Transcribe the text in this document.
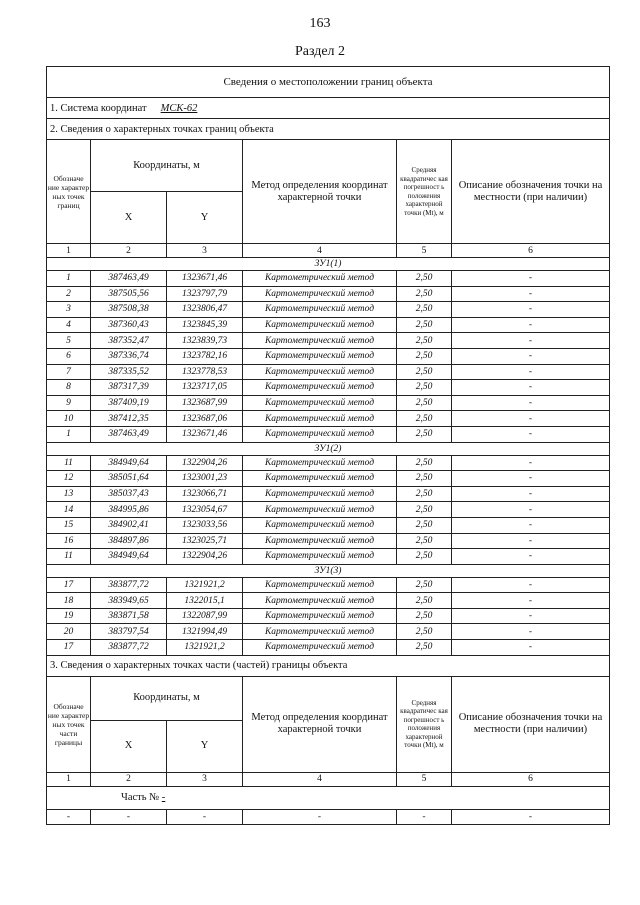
163
Раздел 2
Сведения о местоположении границ объекта					
1. Система координат МСК-62					
2. Сведения о характерных точках границ объекта					
Обозначе ние характер ных точек границ	Координаты, м		Метод определения координат характерной точки	Средняя квадратичес кая погрешност ь положения характерной точки (Mt), м	Описание обозначения точки на местности (при наличии)
	X	Y			
1	2	3	4	5	6
ЗУ1(1)					
1	387463,49	1323671,46	Картометрический метод	2,50	-
2	387505,56	1323797,79	Картометрический метод	2,50	-
3	387508,38	1323806,47	Картометрический метод	2,50	-
4	387360,43	1323845,39	Картометрический метод	2,50	-
5	387352,47	1323839,73	Картометрический метод	2,50	-
6	387336,74	1323782,16	Картометрический метод	2,50	-
7	387335,52	1323778,53	Картометрический метод	2,50	-
8	387317,39	1323717,05	Картометрический метод	2,50	-
9	387409,19	1323687,99	Картометрический метод	2,50	-
10	387412,35	1323687,06	Картометрический метод	2,50	-
1	387463,49	1323671,46	Картометрический метод	2,50	-
ЗУ1(2)					
11	384949,64	1322904,26	Картометрический метод	2,50	-
12	385051,64	1323001,23	Картометрический метод	2,50	-
13	385037,43	1323066,71	Картометрический метод	2,50	-
14	384995,86	1323054,67	Картометрический метод	2,50	-
15	384902,41	1323033,56	Картометрический метод	2,50	-
16	384897,86	1323025,71	Картометрический метод	2,50	-
11	384949,64	1322904,26	Картометрический метод	2,50	-
ЗУ1(3)					
17	383877,72	1321921,2	Картометрический метод	2,50	-
18	383949,65	1322015,1	Картометрический метод	2,50	-
19	383871,58	1322087,99	Картометрический метод	2,50	-
20	383797,54	1321994,49	Картометрический метод	2,50	-
17	383877,72	1321921,2	Картометрический метод	2,50	-
3. Сведения о характерных точках части (частей) границы объекта					
Обозначе ние характер ных точек части границы	Координаты, м		Метод определения координат характерной точки	Средняя квадратичес кая погрешност ь положения характерной точки (Mt), м	Описание обозначения точки на местности (при наличии)
	X	Y			
1	2	3	4	5	6
Часть № -					
-	-	-	-	-	-
